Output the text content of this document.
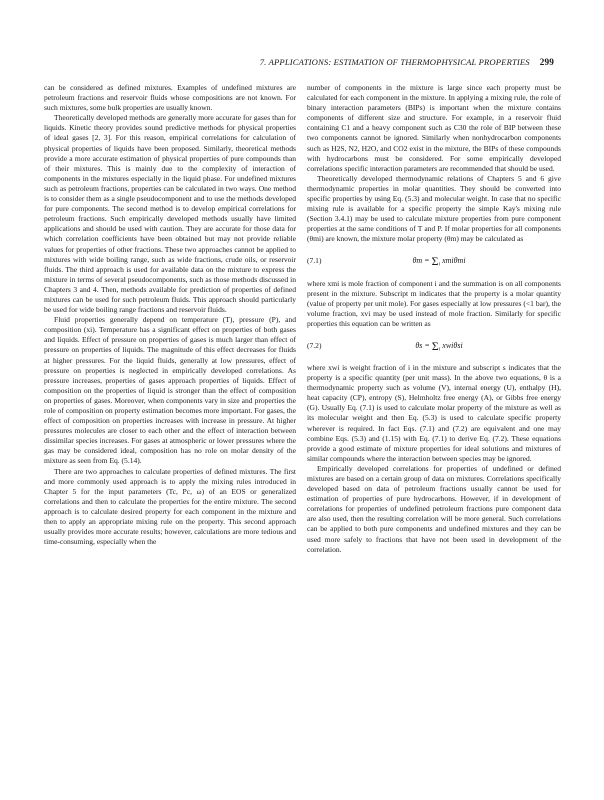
7. APPLICATIONS: ESTIMATION OF THERMOPHYSICAL PROPERTIES 299

can be considered as defined mixtures. Examples of undefined mixtures are petroleum fractions and reservoir fluids whose compositions are not known. For such mixtures, some bulk properties are usually known.

Theoretically developed methods are generally more accurate for gases than for liquids. Kinetic theory provides sound predictive methods for physical properties of ideal gases [2, 3]. For this reason, empirical correlations for calculation of physical properties of liquids have been proposed. Similarly, theoretical methods provide a more accurate estimation of physical properties of pure compounds than of their mixtures. This is mainly due to the complexity of interaction of components in the mixtures especially in the liquid phase. For undefined mixtures such as petroleum fractions, properties can be calculated in two ways. One method is to consider them as a single pseudocomponent and to use the methods developed for pure components. The second method is to develop empirical correlations for petroleum fractions. Such empirically developed methods usually have limited applications and should be used with caution. They are accurate for those data for which correlation coefficients have been obtained but may not provide reliable values for properties of other fractions. These two approaches cannot be applied to mixtures with wide boiling range, such as wide fractions, crude oils, or reservoir fluids. The third approach is used for available data on the mixture to express the mixture in terms of several pseudocomponents, such as those methods discussed in Chapters 3 and 4. Then, methods available for prediction of properties of defined mixtures can be used for such petroleum fluids. This approach should particularly be used for wide boiling range fractions and reservoir fluids.

Fluid properties generally depend on temperature (T), pressure (P), and composition (xi). Temperature has a significant effect on properties of both gases and liquids. Effect of pressure on properties of gases is much larger than effect of pressure on properties of liquids. The magnitude of this effect decreases for fluids at higher pressures. For the liquid fluids, generally at low pressures, effect of pressure on properties is neglected in empirically developed correlations. As pressure increases, properties of gases approach properties of liquids. Effect of composition on the properties of liquid is stronger than the effect of composition on properties of gases. Moreover, when components vary in size and properties the role of composition on property estimation becomes more important. For gases, the effect of composition on properties increases with increase in pressure. At higher pressures molecules are closer to each other and the effect of interaction between dissimilar species increases. For gases at atmospheric or lower pressures where the gas may be considered ideal, composition has no role on molar density of the mixture as seen from Eq. (5.14).

There are two approaches to calculate properties of defined mixtures. The first and more commonly used approach is to apply the mixing rules introduced in Chapter 5 for the input parameters (Tc, Pc, ω) of an EOS or generalized correlations and then to calculate the properties for the entire mixture. The second approach is to calculate desired property for each component in the mixture and then to apply an appropriate mixing rule on the property. This second approach usually provides more accurate results; however, calculations are more tedious and time-consuming, especially when the

number of components in the mixture is large since each property must be calculated for each component in the mixture. In applying a mixing rule, the role of binary interaction parameters (BIPs) is important when the mixture contains components of different size and structure. For example, in a reservoir fluid containing C1 and a heavy component such as C30 the role of BIP between these two components cannot be ignored. Similarly when nonhydrocarbon components such as H2S, N2, H2O, and CO2 exist in the mixture, the BIPs of these compounds with hydrocarbons must be considered. For some empirically developed correlations specific interaction parameters are recommended that should be used.

Theoretically developed thermodynamic relations of Chapters 5 and 6 give thermodynamic properties in molar quantities. They should be converted into specific properties by using Eq. (5.3) and molecular weight. In case that no specific mixing rule is available for a specific property the simple Kay's mixing rule (Section 3.4.1) may be used to calculate mixture properties from pure component properties at the same conditions of T and P. If molar properties for all components (θmi) are known, the mixture molar property (θm) may be calculated as

(7.1)	$\theta m = \Sigma_i$ xmiθmi

where xmi is mole fraction of component i and the summation is on all components present in the mixture. Subscript m indicates that the property is a molar quantity (value of property per unit mole). For gases especially at low pressures (<1 bar), the volume fraction, xvi may be used instead of mole fraction. Similarly for specific properties this equation can be written as

(7.2)	$\theta s = \Sigma_i$ xwiθsi

where xwi is weight fraction of i in the mixture and subscript s indicates that the property is a specific quantity (per unit mass). In the above two equations, θ is a thermodynamic property such as volume (V), internal energy (U), enthalpy (H), heat capacity (CP), entropy (S), Helmholtz free energy (A), or Gibbs free energy (G). Usually Eq. (7.1) is used to calculate molar property of the mixture as well as its molecular weight and then Eq. (5.3) is used to calculate specific property wherever is required. In fact Eqs. (7.1) and (7.2) are equivalent and one may combine Eqs. (5.3) and (1.15) with Eq. (7.1) to derive Eq. (7.2). These equations provide a good estimate of mixture properties for ideal solutions and mixtures of similar compounds where the interaction between species may be ignored.

Empirically developed correlations for properties of undefined or defined mixtures are based on a certain group of data on mixtures. Correlations specifically developed based on data of petroleum fractions usually cannot be used for estimation of properties of pure hydrocarbons. However, if in development of correlations for properties of undefined petroleum fractions pure component data are also used, then the resulting correlation will be more general. Such correlations can be applied to both pure components and undefined mixtures and they can be used more safely to fractions that have not been used in development of the correlation.
